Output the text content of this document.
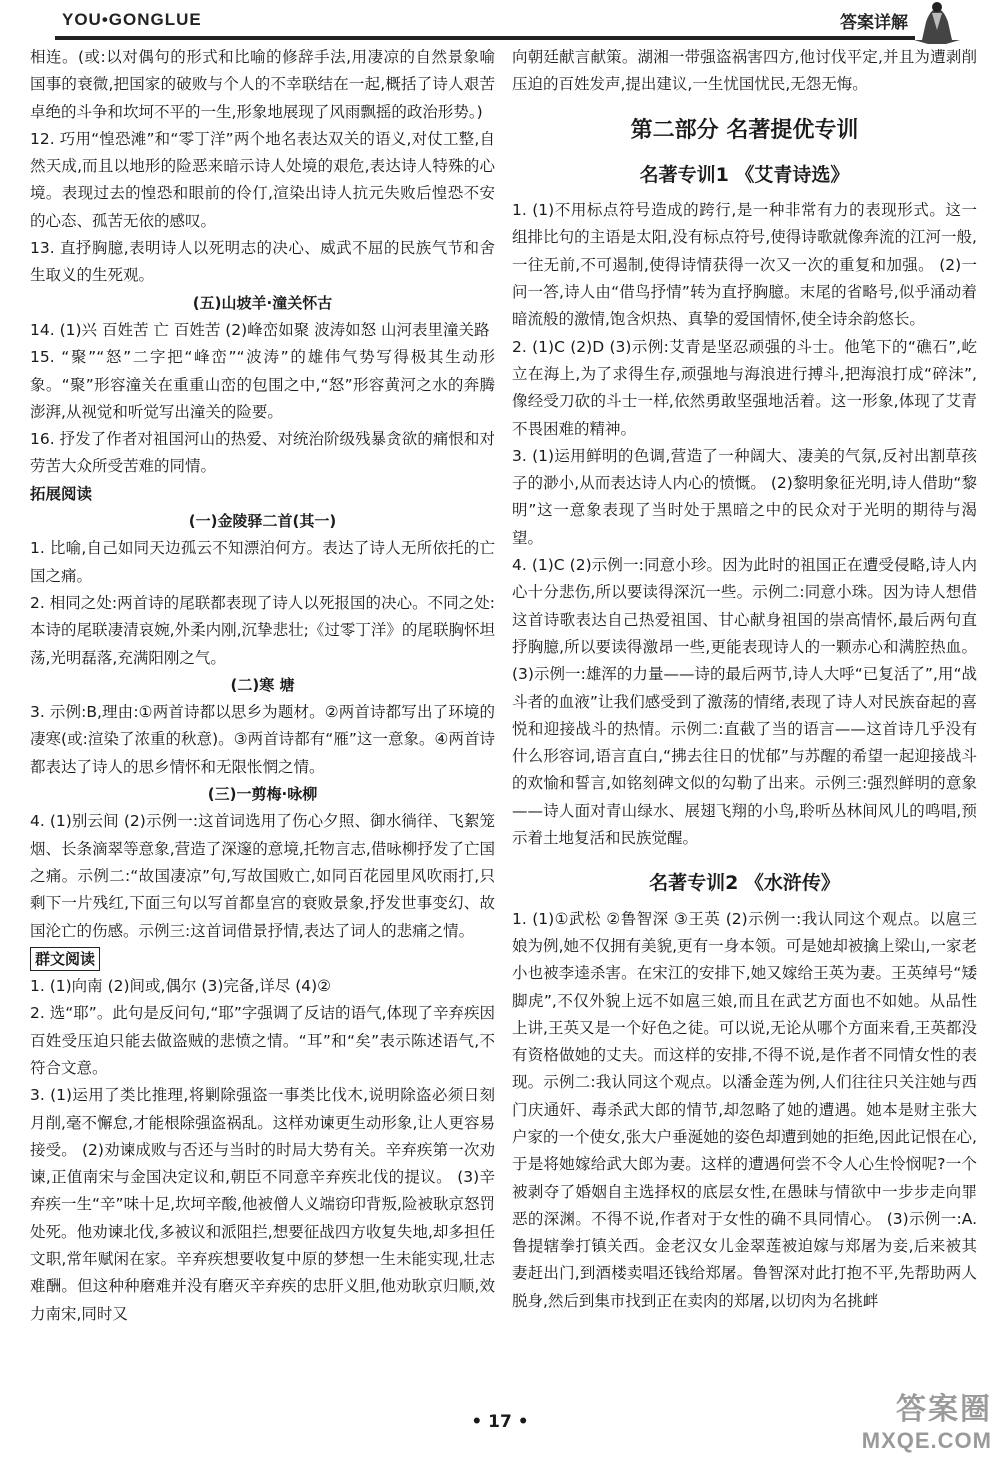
YOU•GONGLUE	答案详解
相连。(或:以对偶句的形式和比喻的修辞手法,用凄凉的自然景象喻国事的衰微,把国家的破败与个人的不幸联结在一起,概括了诗人艰苦卓绝的斗争和坎坷不平的一生,形象地展现了风雨飘摇的政治形势。)
12. 巧用“惶恐滩”和“零丁洋”两个地名表达双关的语义,对仗工整,自然天成,而且以地形的险恶来暗示诗人处境的艰危,表达诗人特殊的心境。表现过去的惶恐和眼前的伶仃,渲染出诗人抗元失败后惶恐不安的心态、孤苦无依的感叹。
13. 直抒胸臆,表明诗人以死明志的决心、威武不屈的民族气节和舍生取义的生死观。
(五)山坡羊·潼关怀古
14. (1)兴 百姓苦 亡 百姓苦 (2)峰峦如聚 波涛如怒 山河表里潼关路
15. “聚”“怒”二字把“峰峦”“波涛”的雄伟气势写得极其生动形象。“聚”形容潼关在重重山峦的包围之中,“怒”形容黄河之水的奔腾澎湃,从视觉和听觉写出潼关的险要。
16. 抒发了作者对祖国河山的热爱、对统治阶级残暴贪欲的痛恨和对劳苦大众所受苦难的同情。
拓展阅读
(一)金陵驿二首(其一)
1. 比喻,自己如同天边孤云不知漂泊何方。表达了诗人无所依托的亡国之痛。
2. 相同之处:两首诗的尾联都表现了诗人以死报国的决心。不同之处:本诗的尾联凄清哀婉,外柔内刚,沉挚悲壮;《过零丁洋》的尾联胸怀坦荡,光明磊落,充满阳刚之气。
(二)寒 塘
3. 示例:B,理由:①两首诗都以思乡为题材。②两首诗都写出了环境的凄寒(或:渲染了浓重的秋意)。③两首诗都有“雁”这一意象。④两首诗都表达了诗人的思乡情怀和无限怅惘之情。
(三)一剪梅·咏柳
4. (1)别云间 (2)示例一:这首词选用了伤心夕照、御水徜徉、飞絮笼烟、长条滴翠等意象,营造了深邃的意境,托物言志,借咏柳抒发了亡国之痛。示例二:“故国凄凉”句,写故国败亡,如同百花园里风吹雨打,只剩下一片残红,下面三句以写首都皇宫的衰败景象,抒发世事变幻、故国沦亡的伤感。示例三:这首词借景抒情,表达了词人的悲痛之情。
群文阅读
1. (1)向南 (2)间或,偶尔 (3)完备,详尽 (4)②
2. 选“耶”。此句是反问句,“耶”字强调了反诘的语气,体现了辛弃疾因百姓受压迫只能去做盗贼的悲愤之情。“耳”和“矣”表示陈述语气,不符合文意。
3. (1)运用了类比推理,将剿除强盗一事类比伐木,说明除盗必须日刻月削,毫不懈怠,才能根除强盗祸乱。这样劝谏更生动形象,让人更容易接受。 (2)劝谏成败与否还与当时的时局大势有关。辛弃疾第一次劝谏,正值南宋与金国决定议和,朝臣不同意辛弃疾北伐的提议。 (3)辛弃疾一生“辛”味十足,坎坷辛酸,他被僧人义端窃印背叛,险被耿京怒罚处死。他劝谏北伐,多被议和派阻拦,想要征战四方收复失地,却多担任文职,常年赋闲在家。辛弃疾想要收复中原的梦想一生未能实现,壮志难酬。但这种种磨难并没有磨灭辛弃疾的忠肝义胆,他劝耿京归顺,效力南宋,同时又
向朝廷献言献策。湖湘一带强盗祸害四方,他讨伐平定,并且为遭剥削压迫的百姓发声,提出建议,一生忧国忧民,无怨无悔。
第二部分 名著提优专训
名著专训1 《艾青诗选》
1. (1)不用标点符号造成的跨行,是一种非常有力的表现形式。这一组排比句的主语是太阳,没有标点符号,使得诗歌就像奔流的江河一般,一往无前,不可遏制,使得诗情获得一次又一次的重复和加强。 (2)一问一答,诗人由“借鸟抒情”转为直抒胸臆。末尾的省略号,似乎涌动着暗流般的激情,饱含炽热、真挚的爱国情怀,使全诗余韵悠长。
2. (1)C (2)D (3)示例:艾青是坚忍顽强的斗士。他笔下的“礁石”,屹立在海上,为了求得生存,顽强地与海浪进行搏斗,把海浪打成“碎沫”,像经受刀砍的斗士一样,依然勇敢坚强地活着。这一形象,体现了艾青不畏困难的精神。
3. (1)运用鲜明的色调,营造了一种阔大、凄美的气氛,反衬出割草孩子的渺小,从而表达诗人内心的愤慨。 (2)黎明象征光明,诗人借助“黎明”这一意象表现了当时处于黑暗之中的民众对于光明的期待与渴望。
4. (1)C (2)示例一:同意小珍。因为此时的祖国正在遭受侵略,诗人内心十分悲伤,所以要读得深沉一些。示例二:同意小珠。因为诗人想借这首诗歌表达自己热爱祖国、甘心献身祖国的崇高情怀,最后两句直抒胸臆,所以要读得激昂一些,更能表现诗人的一颗赤心和满腔热血。 (3)示例一:雄浑的力量——诗的最后两节,诗人大呼“已复活了”,用“战斗者的血液”让我们感受到了激荡的情绪,表现了诗人对民族奋起的喜悦和迎接战斗的热情。示例二:直截了当的语言——这首诗几乎没有什么形容词,语言直白,“拂去往日的忧郁”与苏醒的希望一起迎接战斗的欢愉和誓言,如铭刻碑文似的勾勒了出来。示例三:强烈鲜明的意象——诗人面对青山绿水、展翅飞翔的小鸟,聆听丛林间风儿的鸣唱,预示着土地复活和民族觉醒。
名著专训2 《水浒传》
1. (1)①武松 ②鲁智深 ③王英 (2)示例一:我认同这个观点。以扈三娘为例,她不仅拥有美貌,更有一身本领。可是她却被擒上梁山,一家老小也被李逵杀害。在宋江的安排下,她又嫁给王英为妻。王英绰号“矮脚虎”,不仅外貌上远不如扈三娘,而且在武艺方面也不如她。从品性上讲,王英又是一个好色之徒。可以说,无论从哪个方面来看,王英都没有资格做她的丈夫。而这样的安排,不得不说,是作者不同情女性的表现。示例二:我认同这个观点。以潘金莲为例,人们往往只关注她与西门庆通奸、毒杀武大郎的情节,却忽略了她的遭遇。她本是财主张大户家的一个使女,张大户垂涎她的姿色却遭到她的拒绝,因此记恨在心,于是将她嫁给武大郎为妻。这样的遭遇何尝不令人心生怜悯呢?一个被剥夺了婚姻自主选择权的底层女性,在愚昧与情欲中一步步走向罪恶的深渊。不得不说,作者对于女性的确不具同情心。 (3)示例一:A.鲁提辖拳打镇关西。金老汉女儿金翠莲被迫嫁与郑屠为妾,后来被其妻赶出门,到酒楼卖唱还钱给郑屠。鲁智深对此打抱不平,先帮助两人脱身,然后到集市找到正在卖肉的郑屠,以切肉为名挑衅
• 17 •	答案圈
MXQE.COM
